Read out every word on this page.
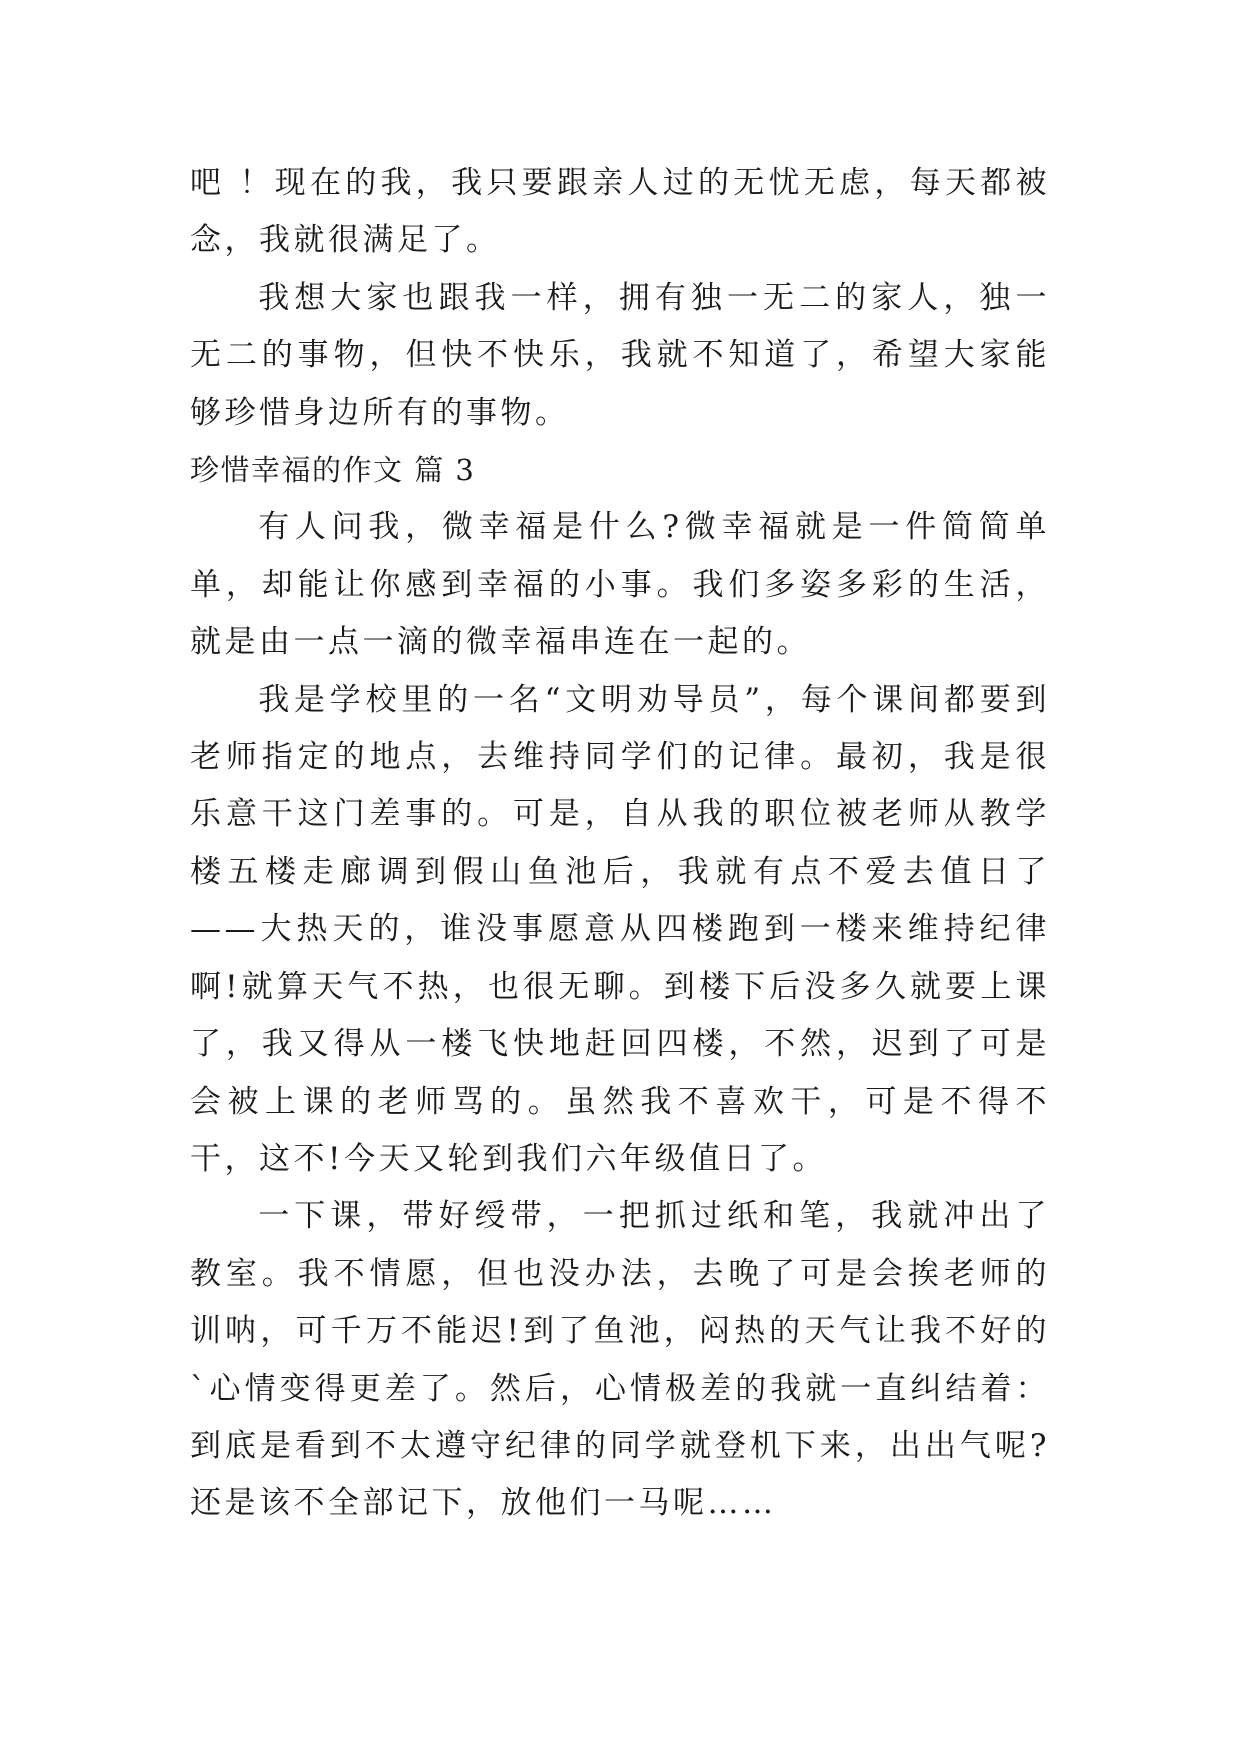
吧 ！现在的我，我只要跟亲人过的无忧无虑，每天都被念，我就很满足了。

我想大家也跟我一样，拥有独一无二的家人，独一无二的事物，但快不快乐，我就不知道了，希望大家能够珍惜身边所有的事物。

珍惜幸福的作文 篇 3

有人问我，微幸福是什么?微幸福就是一件简简单单，却能让你感到幸福的小事。我们多姿多彩的生活，就是由一点一滴的微幸福串连在一起的。

我是学校里的一名“文明劝导员”，每个课间都要到老师指定的地点，去维持同学们的记律。最初，我是很乐意干这门差事的。可是，自从我的职位被老师从教学楼五楼走廊调到假山鱼池后，我就有点不爱去值日了——大热天的，谁没事愿意从四楼跑到一楼来维持纪律啊!就算天气不热，也很无聊。到楼下后没多久就要上课了，我又得从一楼飞快地赶回四楼，不然，迟到了可是会被上课的老师骂的。虽然我不喜欢干，可是不得不干，这不!今天又轮到我们六年级值日了。

一下课，带好绶带，一把抓过纸和笔，我就冲出了教室。我不情愿，但也没办法，去晚了可是会挨老师的训呐，可千万不能迟!到了鱼池，闷热的天气让我不好的`心情变得更差了。然后，心情极差的我就一直纠结着：到底是看到不太遵守纪律的同学就登机下来，出出气呢?还是该不全部记下，放他们一马呢……
